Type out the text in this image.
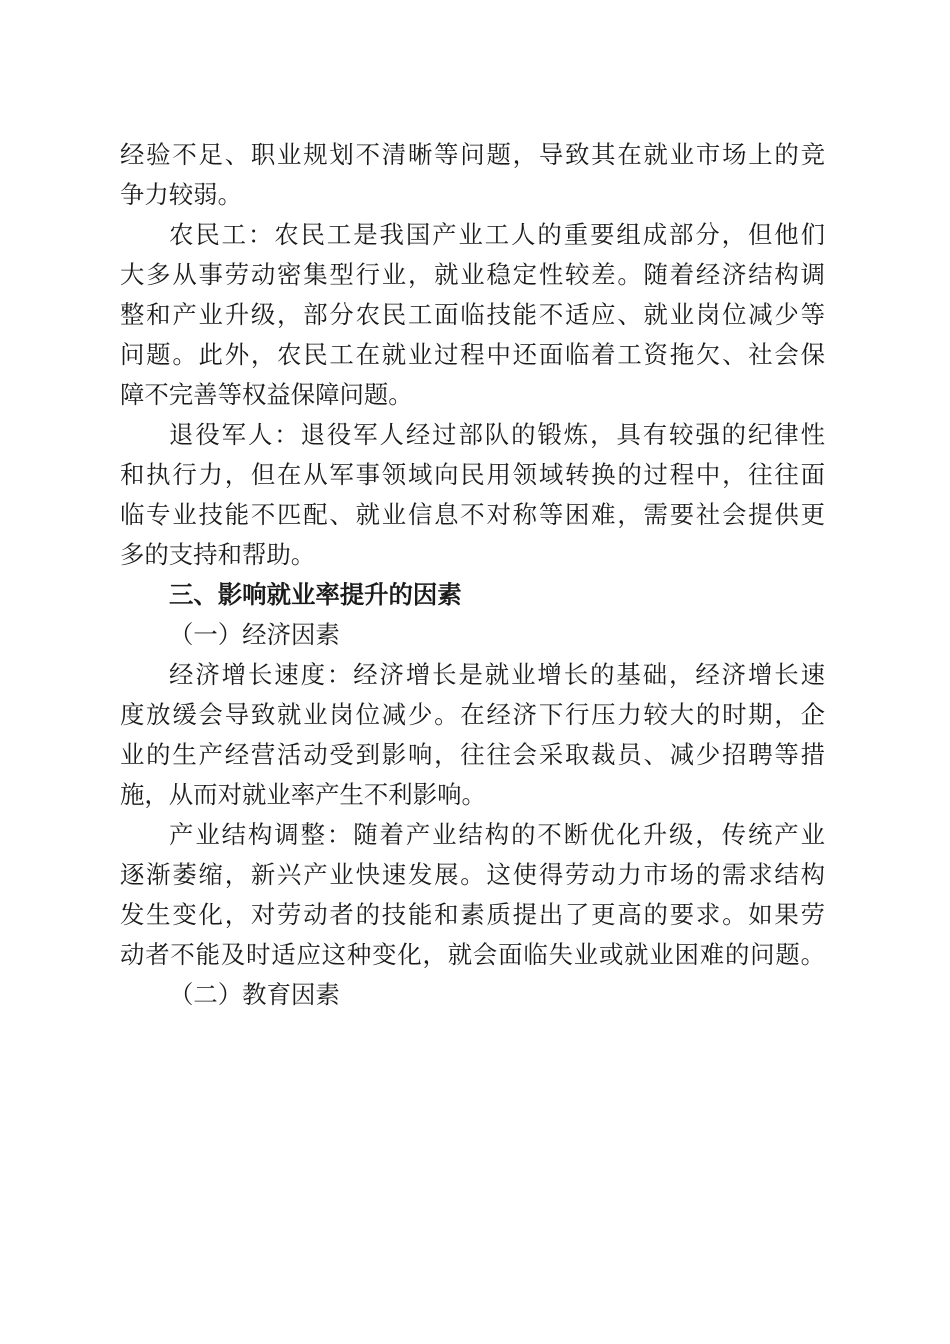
经验不足、职业规划不清晰等问题，导致其在就业市场上的竞
争力较弱。
农民工：农民工是我国产业工人的重要组成部分，但他们
大多从事劳动密集型行业，就业稳定性较差。随着经济结构调
整和产业升级，部分农民工面临技能不适应、就业岗位减少等
问题。此外，农民工在就业过程中还面临着工资拖欠、社会保
障不完善等权益保障问题。
退役军人：退役军人经过部队的锻炼，具有较强的纪律性
和执行力，但在从军事领域向民用领域转换的过程中，往往面
临专业技能不匹配、就业信息不对称等困难，需要社会提供更
多的支持和帮助。
三、影响就业率提升的因素
（一）经济因素
经济增长速度：经济增长是就业增长的基础，经济增长速
度放缓会导致就业岗位减少。在经济下行压力较大的时期，企
业的生产经营活动受到影响，往往会采取裁员、减少招聘等措
施，从而对就业率产生不利影响。
产业结构调整：随着产业结构的不断优化升级，传统产业
逐渐萎缩，新兴产业快速发展。这使得劳动力市场的需求结构
发生变化，对劳动者的技能和素质提出了更高的要求。如果劳
动者不能及时适应这种变化，就会面临失业或就业困难的问题。
（二）教育因素
